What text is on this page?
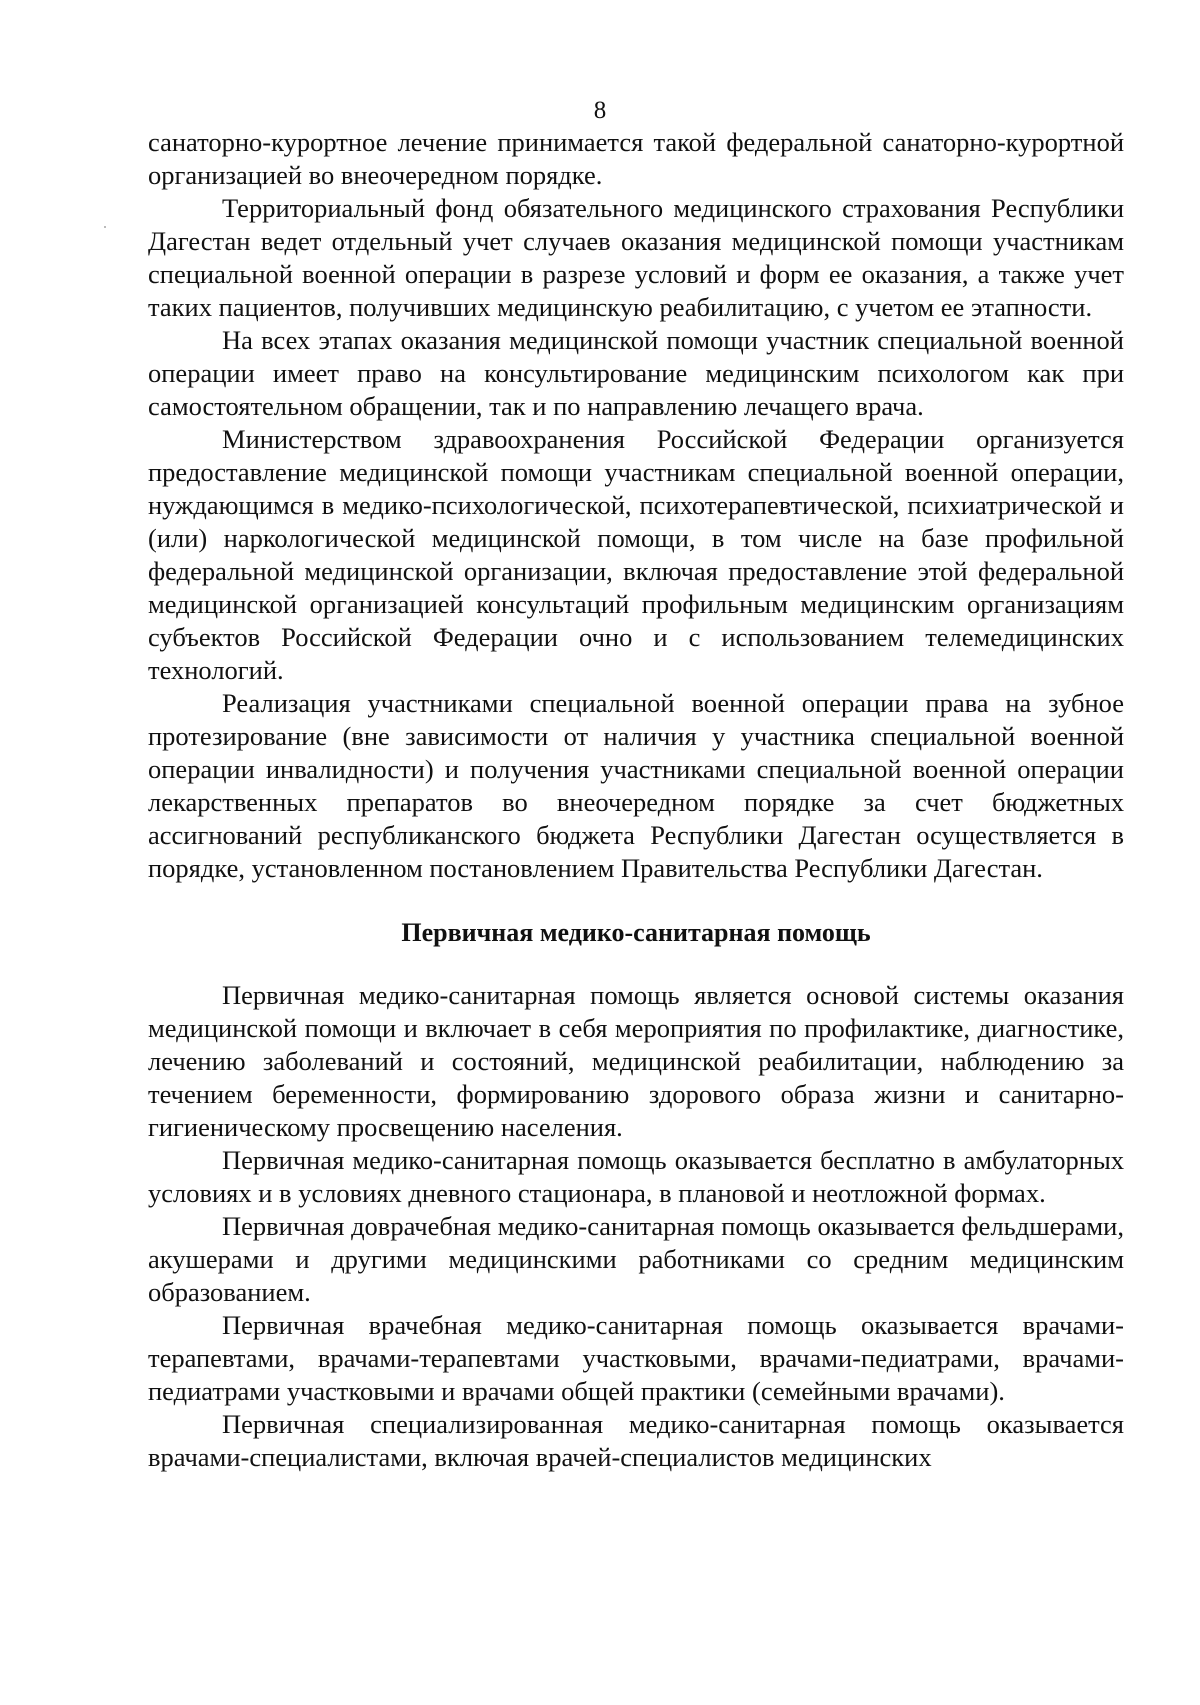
8

санаторно-курортное лечение принимается такой федеральной санаторно-курортной организацией во внеочередном порядке.

Территориальный фонд обязательного медицинского страхования Республики Дагестан ведет отдельный учет случаев оказания медицинской помощи участникам специальной военной операции в разрезе условий и форм ее оказания, а также учет таких пациентов, получивших медицинскую реабилитацию, с учетом ее этапности.

На всех этапах оказания медицинской помощи участник специальной военной операции имеет право на консультирование медицинским психологом как при самостоятельном обращении, так и по направлению лечащего врача.

Министерством здравоохранения Российской Федерации организуется предоставление медицинской помощи участникам специальной военной операции, нуждающимся в медико-психологической, психотерапевтической, психиатрической и (или) наркологической медицинской помощи, в том числе на базе профильной федеральной медицинской организации, включая предоставление этой федеральной медицинской организацией консультаций профильным медицинским организациям субъектов Российской Федерации очно и с использованием телемедицинских технологий.

Реализация участниками специальной военной операции права на зубное протезирование (вне зависимости от наличия у участника специальной военной операции инвалидности) и получения участниками специальной военной операции лекарственных препаратов во внеочередном порядке за счет бюджетных ассигнований республиканского бюджета Республики Дагестан осуществляется в порядке, установленном постановлением Правительства Республики Дагестан.

Первичная медико-санитарная помощь

Первичная медико-санитарная помощь является основой системы оказания медицинской помощи и включает в себя мероприятия по профилактике, диагностике, лечению заболеваний и состояний, медицинской реабилитации, наблюдению за течением беременности, формированию здорового образа жизни и санитарно-гигиеническому просвещению населения.

Первичная медико-санитарная помощь оказывается бесплатно в амбулаторных условиях и в условиях дневного стационара, в плановой и неотложной формах.

Первичная доврачебная медико-санитарная помощь оказывается фельдшерами, акушерами и другими медицинскими работниками со средним медицинским образованием.

Первичная врачебная медико-санитарная помощь оказывается врачами-терапевтами, врачами-терапевтами участковыми, врачами-педиатрами, врачами-педиатрами участковыми и врачами общей практики (семейными врачами).

Первичная специализированная медико-санитарная помощь оказывается врачами-специалистами, включая врачей-специалистов медицинских
